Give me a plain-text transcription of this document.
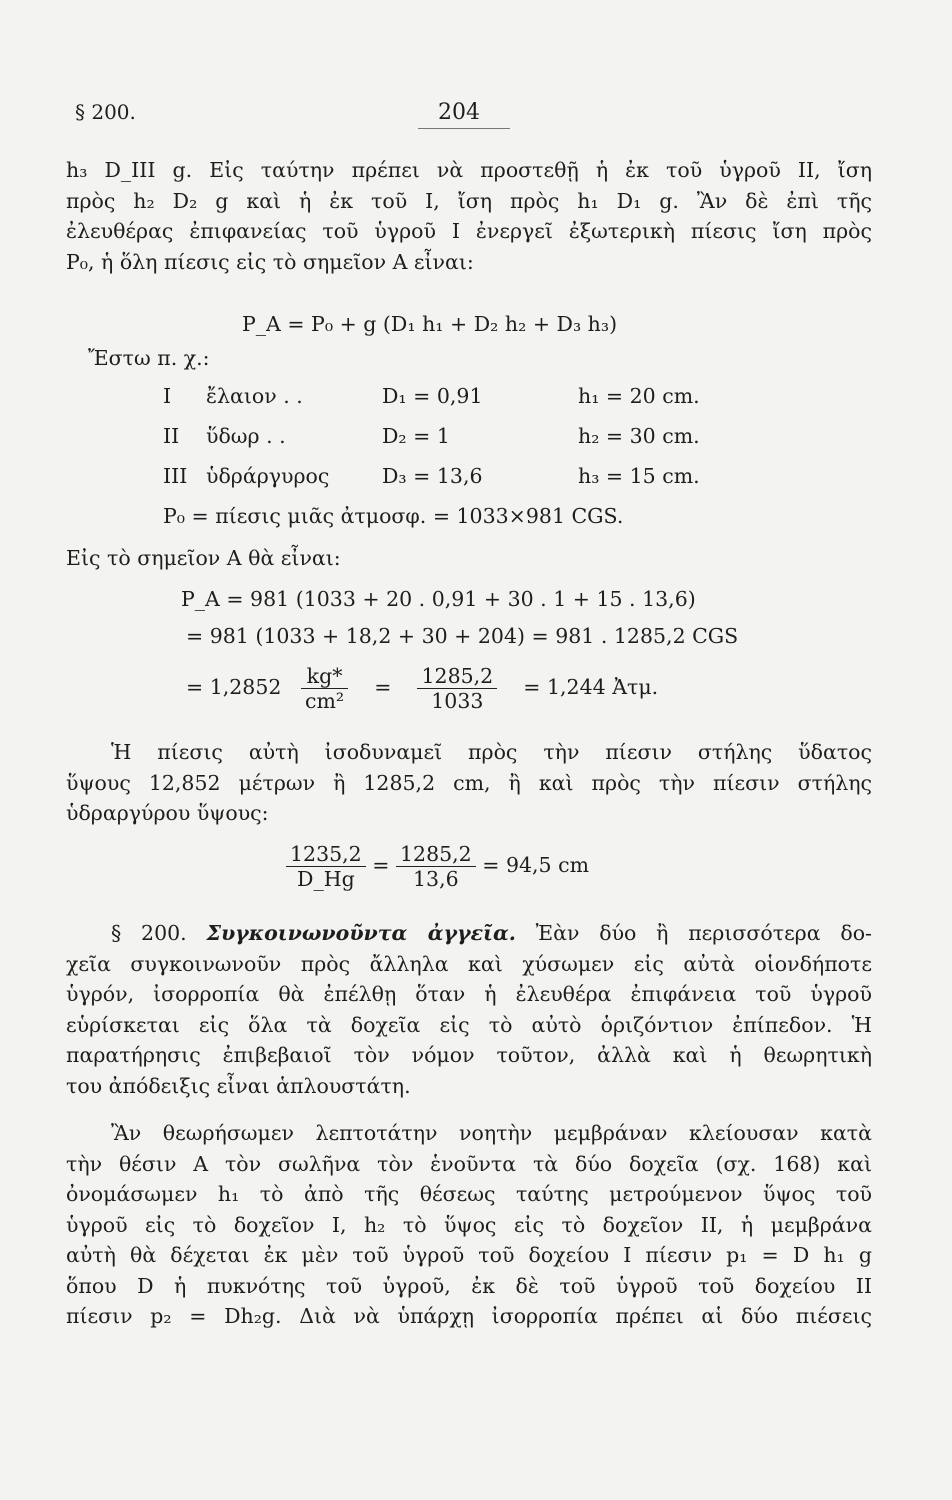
§ 200.	204
h₃ D_III g. Εἰς ταύτην πρέπει νὰ προστεθῇ ἡ ἐκ τοῦ ὑγροῦ II, ἴση
πρὸς h₂ D₂ g καὶ ἡ ἐκ τοῦ I, ἴση πρὸς h₁ D₁ g. Ἂν δὲ ἐπὶ τῆς
ἐλευθέρας ἐπιφανείας τοῦ ὑγροῦ I ἐνεργεῖ ἐξωτερικὴ πίεσις ἴση πρὸς
P₀, ἡ ὅλη πίεσις εἰς τὸ σημεῖον Α εἶναι:
P_A = P₀ + g (D₁ h₁ + D₂ h₂ + D₃ h₃)
Ἔστω π. χ.:
I ἔλαιον . .	D₁ = 0,91	h₁ = 20 cm.
II ὕδωρ . .	D₂ = 1	h₂ = 30 cm.
III ὑδράργυρος	D₃ = 13,6	h₃ = 15 cm.
P₀ = πίεσις μιᾶς ἀτμοσφ. = 1033×981 CGS.
Εἰς τὸ σημεῖον Α θὰ εἶναι:
P_A = 981 (1033 + 20 . 0,91 + 30 . 1 + 15 . 13,6)
= 981 (1033 + 18,2 + 30 + 204) = 981 . 1285,2 CGS
= $1,2852 \frac{kg*}{\text{cm²}} = \frac{1285,2}{1033} = 1,244$ Ἀτμ.
Ἡ πίεσις αὐτὴ ἰσοδυναμεῖ πρὸς τὴν πίεσιν στήλης ὕδατος
ὕψους 12,852 μέτρων ἢ 1285,2 cm, ἢ καὶ πρὸς τὴν πίεσιν στήλης
ὑδραργύρου ὕψους:
$\frac{1235,2}{D\_Hg} = \frac{1285,2}{13,6} = 94,5$ cm
§ 200. Συγκοινωνοῦντα ἀγγεῖα. Ἐὰν δύο ἢ περισσότερα δο-
χεῖα συγκοινωνοῦν πρὸς ἄλληλα καὶ χύσωμεν εἰς αὐτὰ οἱονδήποτε
ὑγρόν, ἰσορροπία θὰ ἐπέλθῃ ὅταν ἡ ἐλευθέρα ἐπιφάνεια τοῦ ὑγροῦ
εὑρίσκεται εἰς ὅλα τὰ δοχεῖα εἰς τὸ αὐτὸ ὁριζόντιον ἐπίπεδον. Ἡ
παρατήρησις ἐπιβεβαιοῖ τὸν νόμον τοῦτον, ἀλλὰ καὶ ἡ θεωρητικὴ
του ἀπόδειξις εἶναι ἁπλουστάτη.
Ἂν θεωρήσωμεν λεπτοτάτην νοητὴν μεμβράναν κλείουσαν κατὰ
τὴν θέσιν Α τὸν σωλῆνα τὸν ἑνοῦντα τὰ δύο δοχεῖα (σχ. 168) καὶ
ὀνομάσωμεν h₁ τὸ ἀπὸ τῆς θέσεως ταύτης μετρούμενον ὕψος τοῦ
ὑγροῦ εἰς τὸ δοχεῖον I, h₂ τὸ ὕψος εἰς τὸ δοχεῖον II, ἡ μεμβράνα
αὐτὴ θὰ δέχεται ἐκ μὲν τοῦ ὑγροῦ τοῦ δοχείου I πίεσιν p₁ = D h₁ g
ὅπου D ἡ πυκνότης τοῦ ὑγροῦ, ἐκ δὲ τοῦ ὑγροῦ τοῦ δοχείου II
πίεσιν p₂ = Dh₂g. Διὰ νὰ ὑπάρχῃ ἰσορροπία πρέπει αἱ δύο πιέσεις
